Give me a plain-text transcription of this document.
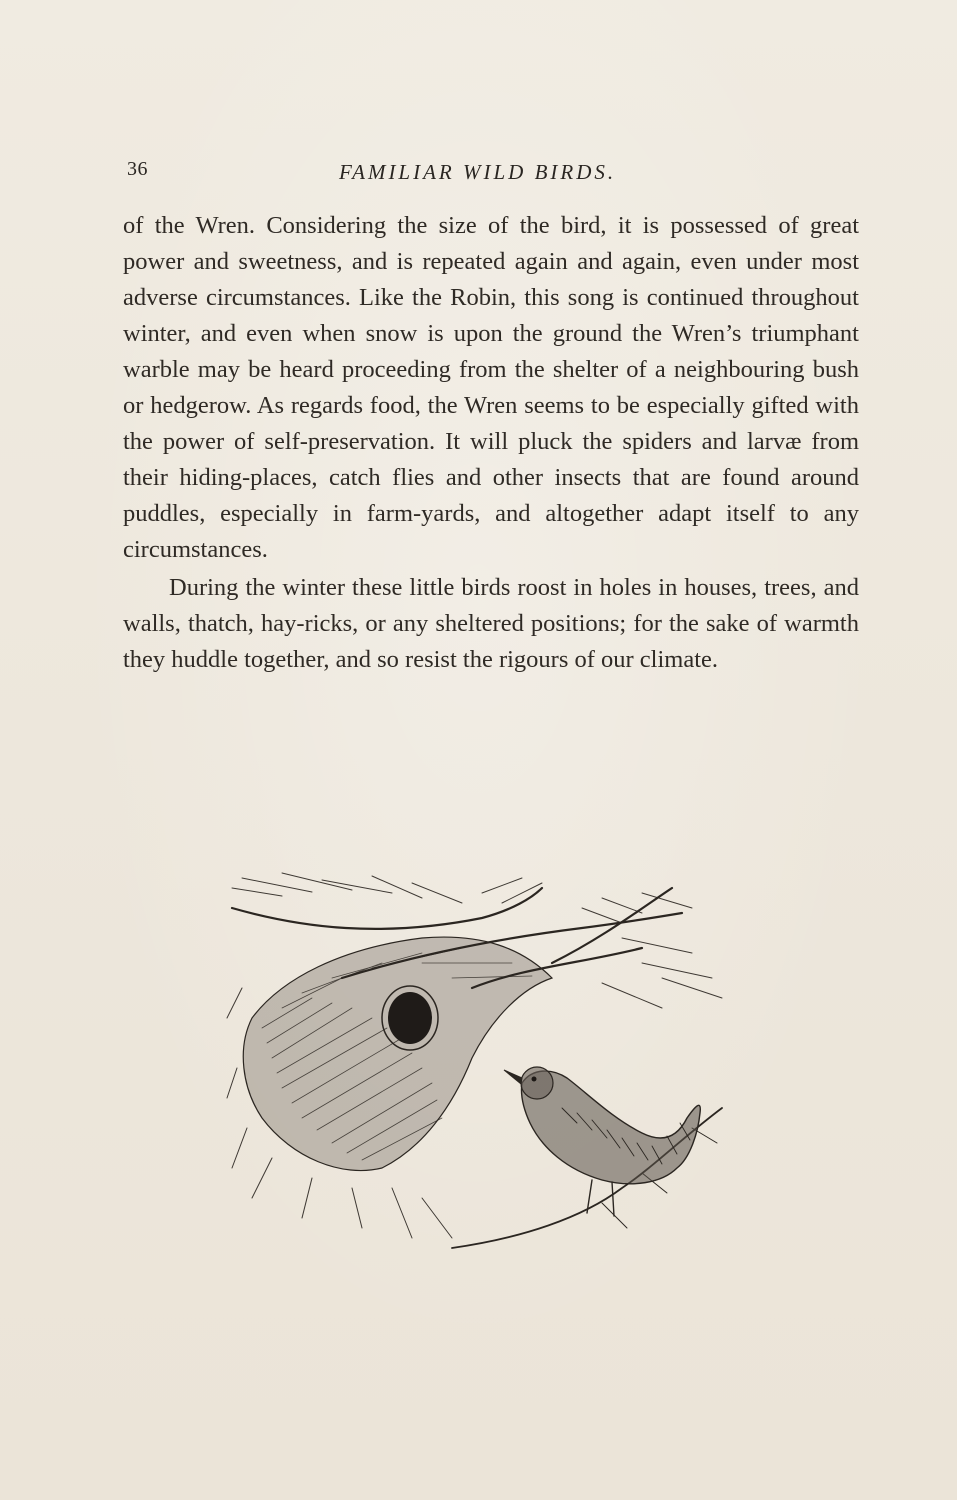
36	FAMILIAR WILD BIRDS.

of the Wren. Considering the size of the bird, it is possessed of great power and sweetness, and is repeated again and again, even under most adverse circumstances. Like the Robin, this song is continued throughout winter, and even when snow is upon the ground the Wren’s triumphant warble may be heard proceeding from the shelter of a neighbouring bush or hedgerow. As regards food, the Wren seems to be especially gifted with the power of self-preservation. It will pluck the spiders and larvæ from their hiding-places, catch flies and other insects that are found around puddles, especially in farm-yards, and altogether adapt itself to any circumstances.

During the winter these little birds roost in holes in houses, trees, and walls, thatch, hay-ricks, or any sheltered positions; for the sake of warmth they huddle together, and so resist the rigours of our climate.
